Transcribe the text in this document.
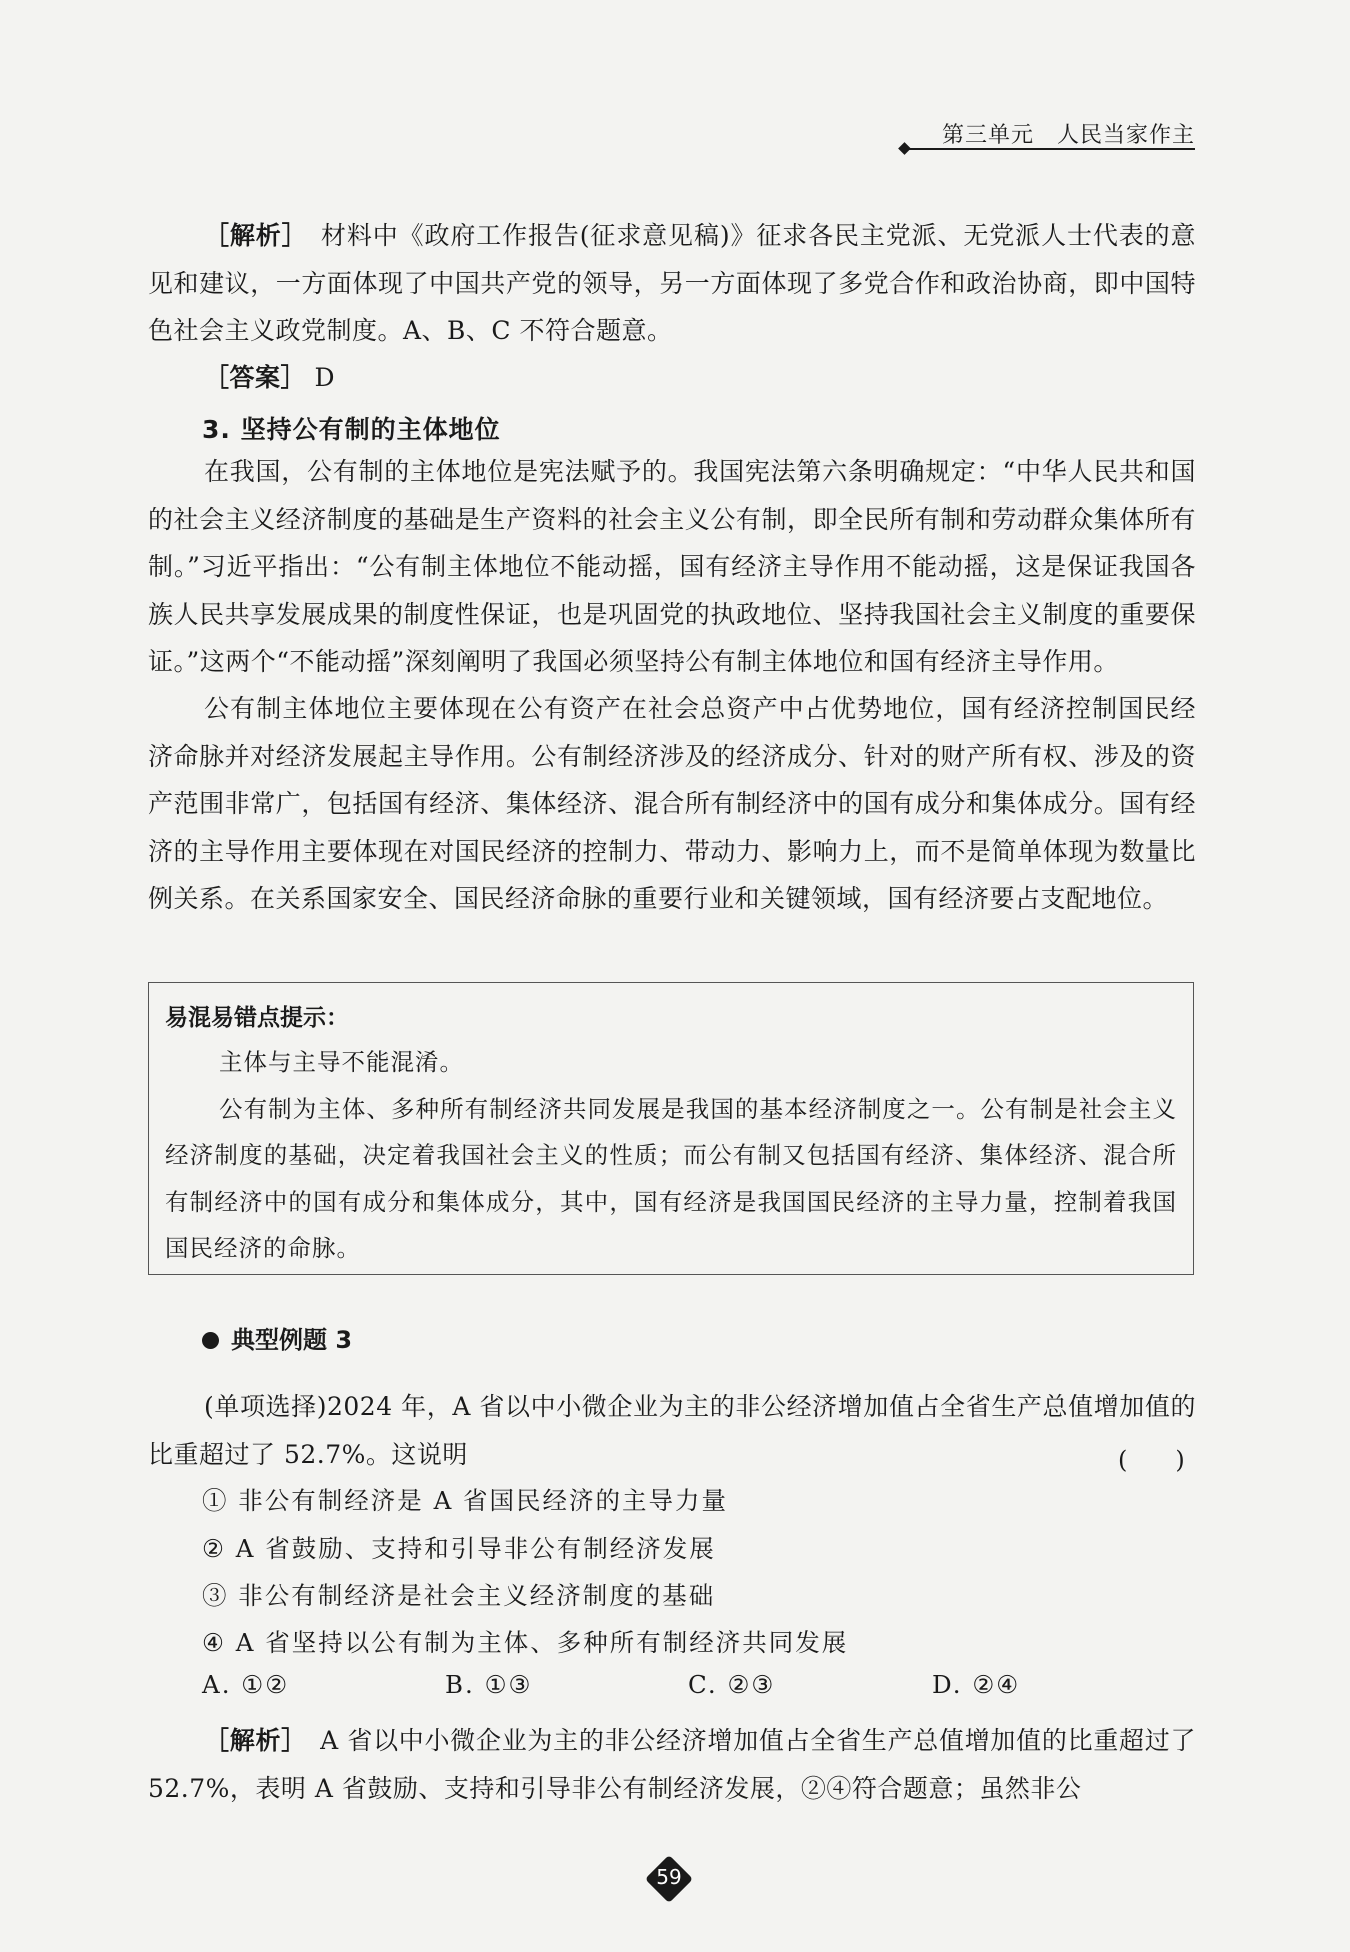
第三单元　人民当家作主
［解析］　材料中《政府工作报告(征求意见稿)》征求各民主党派、无党派人士代表的意见和建议，一方面体现了中国共产党的领导，另一方面体现了多党合作和政治协商，即中国特色社会主义政党制度。A、B、C 不符合题意。
［答案］ D
3. 坚持公有制的主体地位
在我国，公有制的主体地位是宪法赋予的。我国宪法第六条明确规定：“中华人民共和国的社会主义经济制度的基础是生产资料的社会主义公有制，即全民所有制和劳动群众集体所有制。”习近平指出：“公有制主体地位不能动摇，国有经济主导作用不能动摇，这是保证我国各族人民共享发展成果的制度性保证，也是巩固党的执政地位、坚持我国社会主义制度的重要保证。”这两个“不能动摇”深刻阐明了我国必须坚持公有制主体地位和国有经济主导作用。
公有制主体地位主要体现在公有资产在社会总资产中占优势地位，国有经济控制国民经济命脉并对经济发展起主导作用。公有制经济涉及的经济成分、针对的财产所有权、涉及的资产范围非常广，包括国有经济、集体经济、混合所有制经济中的国有成分和集体成分。国有经济的主导作用主要体现在对国民经济的控制力、带动力、影响力上，而不是简单体现为数量比例关系。在关系国家安全、国民经济命脉的重要行业和关键领域，国有经济要占支配地位。
易混易错点提示：
主体与主导不能混淆。
公有制为主体、多种所有制经济共同发展是我国的基本经济制度之一。公有制是社会主义经济制度的基础，决定着我国社会主义的性质；而公有制又包括国有经济、集体经济、混合所有制经济中的国有成分和集体成分，其中，国有经济是我国国民经济的主导力量，控制着我国国民经济的命脉。
典型例题 3
(单项选择)2024 年，A 省以中小微企业为主的非公经济增加值占全省生产总值增加值的比重超过了 52.7%。这说明	(　　)
① 非公有制经济是 A 省国民经济的主导力量
② A 省鼓励、支持和引导非公有制经济发展
③ 非公有制经济是社会主义经济制度的基础
④ A 省坚持以公有制为主体、多种所有制经济共同发展
A. ①②	B. ①③	C. ②③	D. ②④
［解析］　A 省以中小微企业为主的非公经济增加值占全省生产总值增加值的比重超过了52.7%，表明 A 省鼓励、支持和引导非公有制经济发展，②④符合题意；虽然非公
59
